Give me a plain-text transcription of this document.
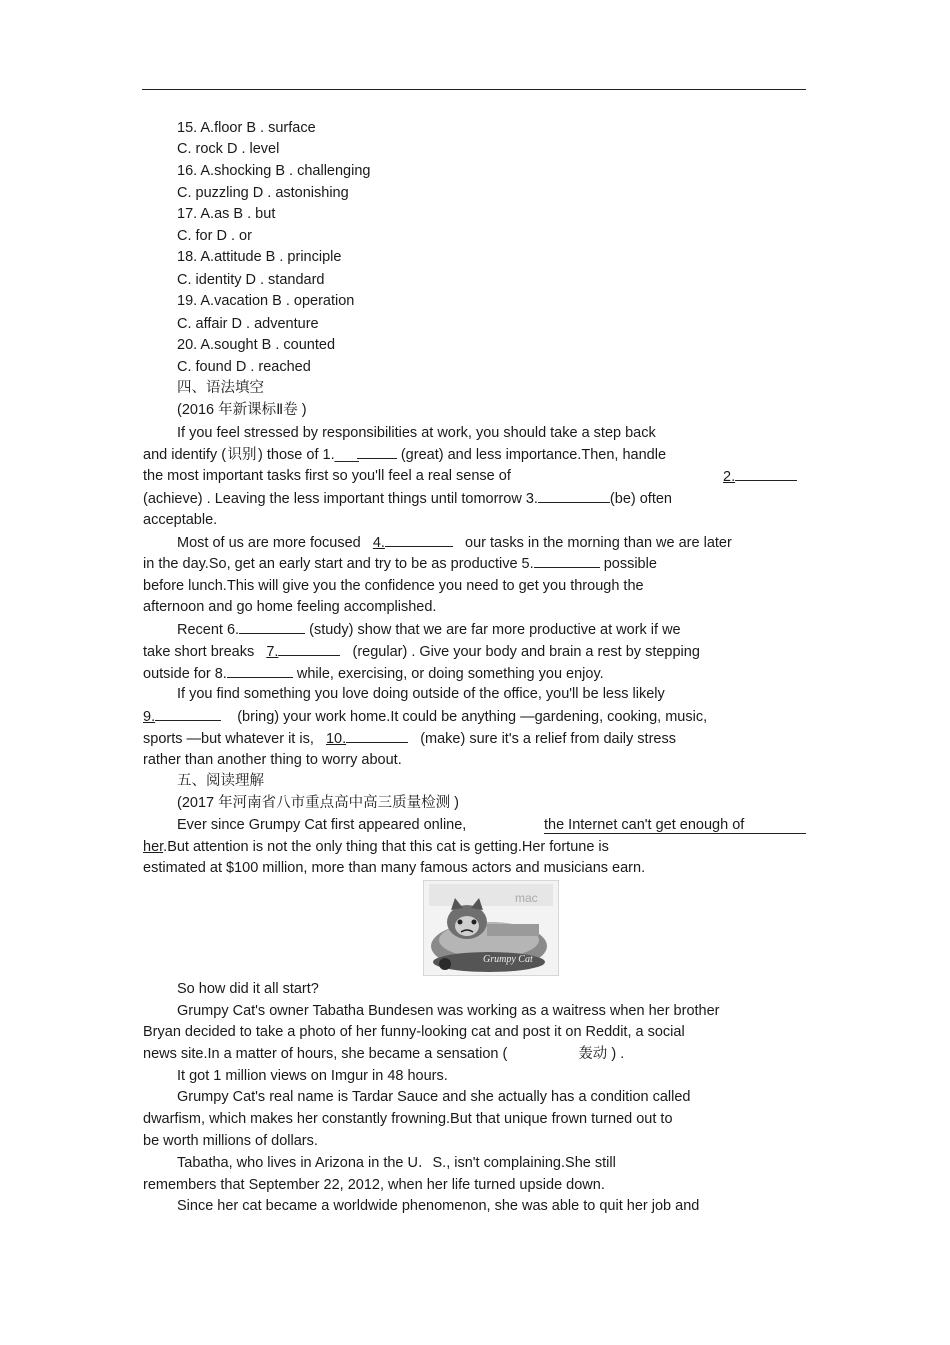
15. A.floor B . surface
C. rock D . level
16. A.shocking B . challenging
C. puzzling D . astonishing
17. A.as B . but
C. for D . or
18. A.attitude B . principle
C. identity D . standard
19. A.vacation B . operation
C. affair D . adventure
20. A.sought B . counted
C. found D . reached
四、语法填空
(2016 年新课标Ⅱ卷 )
If you feel stressed by responsibilities at work, you should take a step back
and identify ( 识别 ) those of 1.___  (great) and less importance.Then, handle
the most important tasks first so you'll feel a real sense of	2.
(achieve) . Leaving the less important things until tomorrow 3.	(be) often
acceptable.
Most of us are more focused 4.	our tasks in the morning than we are later
in the day.So, get an early start and try to be as productive 5.	possible
before lunch.This will give you the confidence you need to get you through the
afternoon and go home feeling accomplished.
Recent 6.	(study) show that we are far more productive at work if we
take short breaks 7.	(regular) . Give your body and brain a rest by stepping
outside for 8.	while, exercising, or doing something you enjoy.
If you find something you love doing outside of the office, you'll be less likely
9.	(bring) your work home.It could be anything —gardening, cooking, music,
sports —but whatever it is, 10.	(make) sure it's a relief from daily stress
rather than another thing to worry about.
五、阅读理解
(2017 年河南省八市重点高中高三质量检测 )
Ever since Grumpy Cat first appeared online,	the Internet can't get enough of
her.But attention is not the only thing that this cat is getting.Her fortune is
estimated at $100 million, more than many famous actors and musicians earn.
mac
Grumpy Cat
So how did it all start?
Grumpy Cat's owner Tabatha Bundesen was working as a waitress when her brother
Bryan decided to take a photo of her funny-looking cat and post it on Reddit, a social
news site.In a matter of hours, she became a sensation (	轰动 ) .
It got 1 million views on Imgur in 48 hours.
Grumpy Cat's real name is Tardar Sauce and she actually has a condition called
dwarfism, which makes her constantly frowning.But that unique frown turned out to
be worth millions of dollars.
Tabatha, who lives in Arizona in the U．S., isn't complaining.She still
remembers that September 22, 2012, when her life turned upside down.
Since her cat became a worldwide phenomenon, she was able to quit her job and
